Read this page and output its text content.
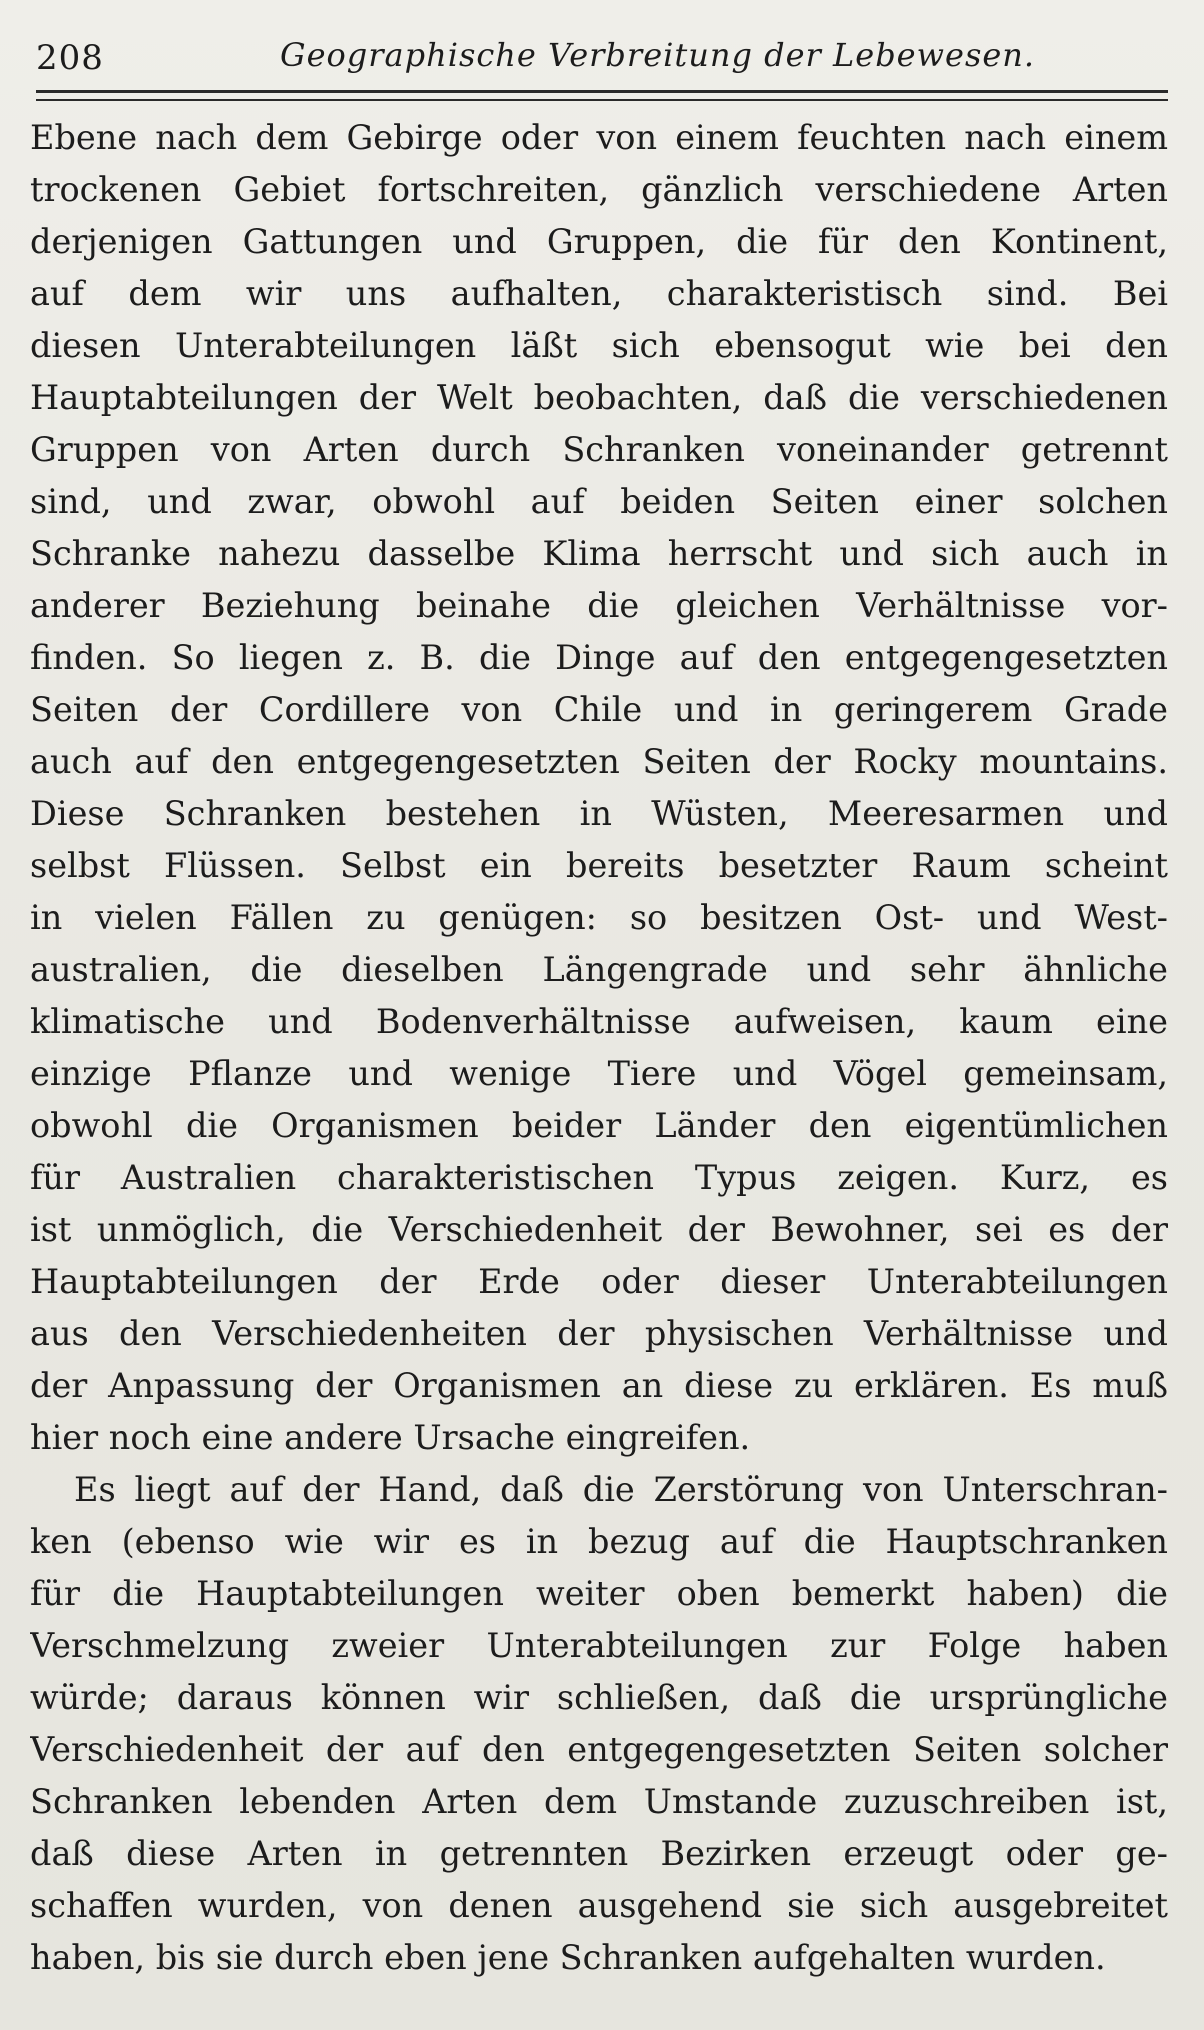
208	Geographische Verbreitung der Lebewesen.
Ebene nach dem Gebirge oder von einem feuchten nach einem
trockenen Gebiet fortschreiten, gänzlich verschiedene Arten
derjenigen Gattungen und Gruppen, die für den Kontinent,
auf dem wir uns aufhalten, charakteristisch sind. Bei
diesen Unterabteilungen läßt sich ebensogut wie bei den
Hauptabteilungen der Welt beobachten, daß die verschiedenen
Gruppen von Arten durch Schranken voneinander getrennt
sind, und zwar, obwohl auf beiden Seiten einer solchen
Schranke nahezu dasselbe Klima herrscht und sich auch in
anderer Beziehung beinahe die gleichen Verhältnisse vor-
finden. So liegen z. B. die Dinge auf den entgegengesetzten
Seiten der Cordillere von Chile und in geringerem Grade
auch auf den entgegengesetzten Seiten der Rocky mountains.
Diese Schranken bestehen in Wüsten, Meeresarmen und
selbst Flüssen. Selbst ein bereits besetzter Raum scheint
in vielen Fällen zu genügen: so besitzen Ost- und West-
australien, die dieselben Längengrade und sehr ähnliche
klimatische und Bodenverhältnisse aufweisen, kaum eine
einzige Pflanze und wenige Tiere und Vögel gemeinsam,
obwohl die Organismen beider Länder den eigentümlichen
für Australien charakteristischen Typus zeigen. Kurz, es
ist unmöglich, die Verschiedenheit der Bewohner, sei es der
Hauptabteilungen der Erde oder dieser Unterabteilungen
aus den Verschiedenheiten der physischen Verhältnisse und
der Anpassung der Organismen an diese zu erklären. Es muß
hier noch eine andere Ursache eingreifen.
Es liegt auf der Hand, daß die Zerstörung von Unterschran-
ken (ebenso wie wir es in bezug auf die Hauptschranken
für die Hauptabteilungen weiter oben bemerkt haben) die
Verschmelzung zweier Unterabteilungen zur Folge haben
würde; daraus können wir schließen, daß die ursprüngliche
Verschiedenheit der auf den entgegengesetzten Seiten solcher
Schranken lebenden Arten dem Umstande zuzuschreiben ist,
daß diese Arten in getrennten Bezirken erzeugt oder ge-
schaffen wurden, von denen ausgehend sie sich ausgebreitet
haben, bis sie durch eben jene Schranken aufgehalten wurden.
